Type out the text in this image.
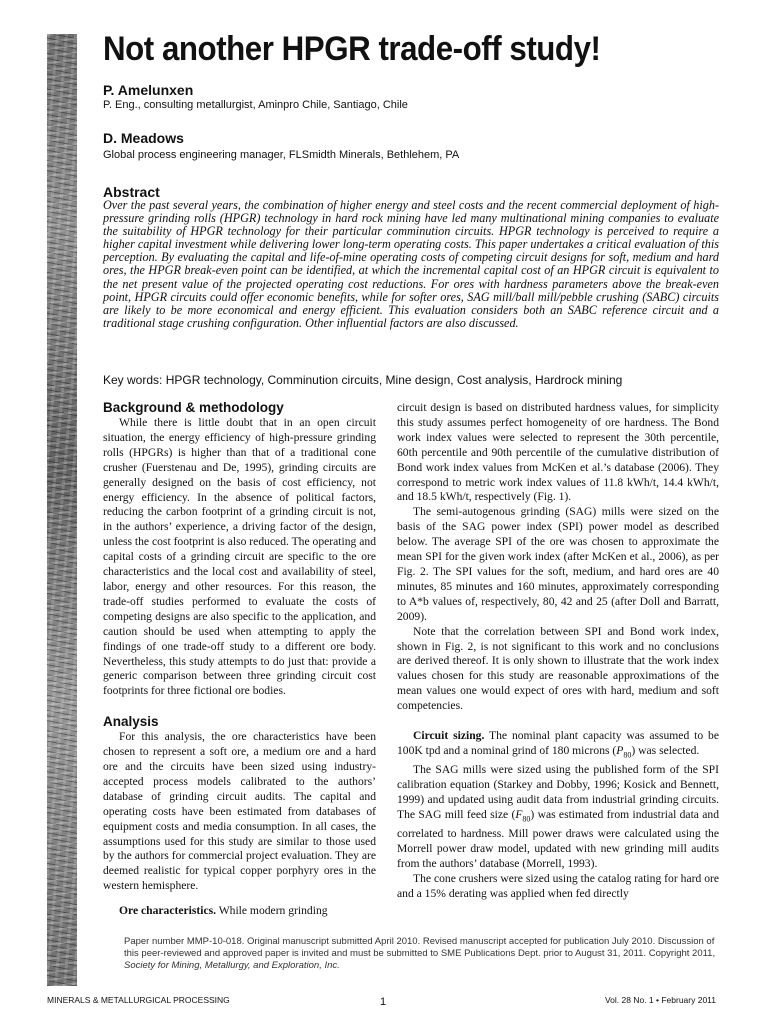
Not another HPGR trade-off study!
P. Amelunxen
P. Eng., consulting metallurgist, Aminpro Chile, Santiago, Chile
D. Meadows
Global process engineering manager, FLSmidth Minerals, Bethlehem, PA
Abstract
Over the past several years, the combination of higher energy and steel costs and the recent commercial deployment of high-pressure grinding rolls (HPGR) technology in hard rock mining have led many multinational mining companies to evaluate the suitability of HPGR technology for their particular comminution circuits. HPGR technology is perceived to require a higher capital investment while delivering lower long-term operating costs. This paper undertakes a critical evaluation of this perception. By evaluating the capital and life-of-mine operating costs of competing circuit designs for soft, medium and hard ores, the HPGR break-even point can be identified, at which the incremental capital cost of an HPGR circuit is equivalent to the net present value of the projected operating cost reductions. For ores with hardness parameters above the break-even point, HPGR circuits could offer economic benefits, while for softer ores, SAG mill/ball mill/pebble crushing (SABC) circuits are likely to be more economical and energy efficient. This evaluation considers both an SABC reference circuit and a traditional stage crushing configuration. Other influential factors are also discussed.
Key words: HPGR technology, Comminution circuits, Mine design, Cost analysis, Hardrock mining
Background & methodology

While there is little doubt that in an open circuit situation, the energy efficiency of high-pressure grinding rolls (HPGRs) is higher than that of a traditional cone crusher (Fuerstenau and De, 1995), grinding circuits are generally designed on the basis of cost efficiency, not energy efficiency. In the absence of political factors, reducing the carbon footprint of a grinding circuit is not, in the authors’ experience, a driving factor of the design, unless the cost footprint is also reduced. The operating and capital costs of a grinding circuit are specific to the ore characteristics and the local cost and availability of steel, labor, energy and other resources. For this reason, the trade-off studies performed to evaluate the costs of competing designs are also specific to the application, and caution should be used when attempting to apply the findings of one trade-off study to a different ore body. Nevertheless, this study attempts to do just that: provide a generic comparison between three grinding circuit cost footprints for three fictional ore bodies.

Analysis

For this analysis, the ore characteristics have been chosen to represent a soft ore, a medium ore and a hard ore and the circuits have been sized using industry-accepted process models calibrated to the authors’ database of grinding circuit audits. The capital and operating costs have been estimated from databases of equipment costs and media consumption. In all cases, the assumptions used for this study are similar to those used by the authors for commercial project evaluation. They are deemed realistic for typical copper porphyry ores in the western hemisphere.

Ore characteristics. While modern grinding

circuit design is based on distributed hardness values, for simplicity this study assumes perfect homogeneity of ore hardness. The Bond work index values were selected to represent the 30th percentile, 60th percentile and 90th percentile of the cumulative distribution of Bond work index values from McKen et al.’s database (2006). They correspond to metric work index values of 11.8 kWh/t, 14.4 kWh/t, and 18.5 kWh/t, respectively (Fig. 1).

The semi-autogenous grinding (SAG) mills were sized on the basis of the SAG power index (SPI) power model as described below. The average SPI of the ore was chosen to approximate the mean SPI for the given work index (after McKen et al., 2006), as per Fig. 2. The SPI values for the soft, medium, and hard ores are 40 minutes, 85 minutes and 160 minutes, approximately corresponding to A*b values of, respectively, 80, 42 and 25 (after Doll and Barratt, 2009).

Note that the correlation between SPI and Bond work index, shown in Fig. 2, is not significant to this work and no conclusions are derived thereof. It is only shown to illustrate that the work index values chosen for this study are reasonable approximations of the mean values one would expect of ores with hard, medium and soft competencies.

Circuit sizing. The nominal plant capacity was assumed to be 100K tpd and a nominal grind of 180 microns $(P_{80})$ was selected.

The SAG mills were sized using the published form of the SPI calibration equation (Starkey and Dobby, 1996; Kosick and Bennett, 1999) and updated using audit data from industrial grinding circuits. The SAG mill feed size $(F_{80})$ was estimated from industrial data and correlated to hardness. Mill power draws were calculated using the Morrell power draw model, updated with new grinding mill audits from the authors’ database (Morrell, 1993).

The cone crushers were sized using the catalog rating for hard ore and a 15% derating was applied when fed directly

Paper number MMP-10-018. Original manuscript submitted April 2010. Revised manuscript accepted for publication July 2010. Discussion of this peer-reviewed and approved paper is invited and must be submitted to SME Publications Dept. prior to August 31, 2011. Copyright 2011, Society for Mining, Metallurgy, and Exploration, Inc.
MINERALS & METALLURGICAL PROCESSING	1	Vol. 28 No. 1 • February 2011
